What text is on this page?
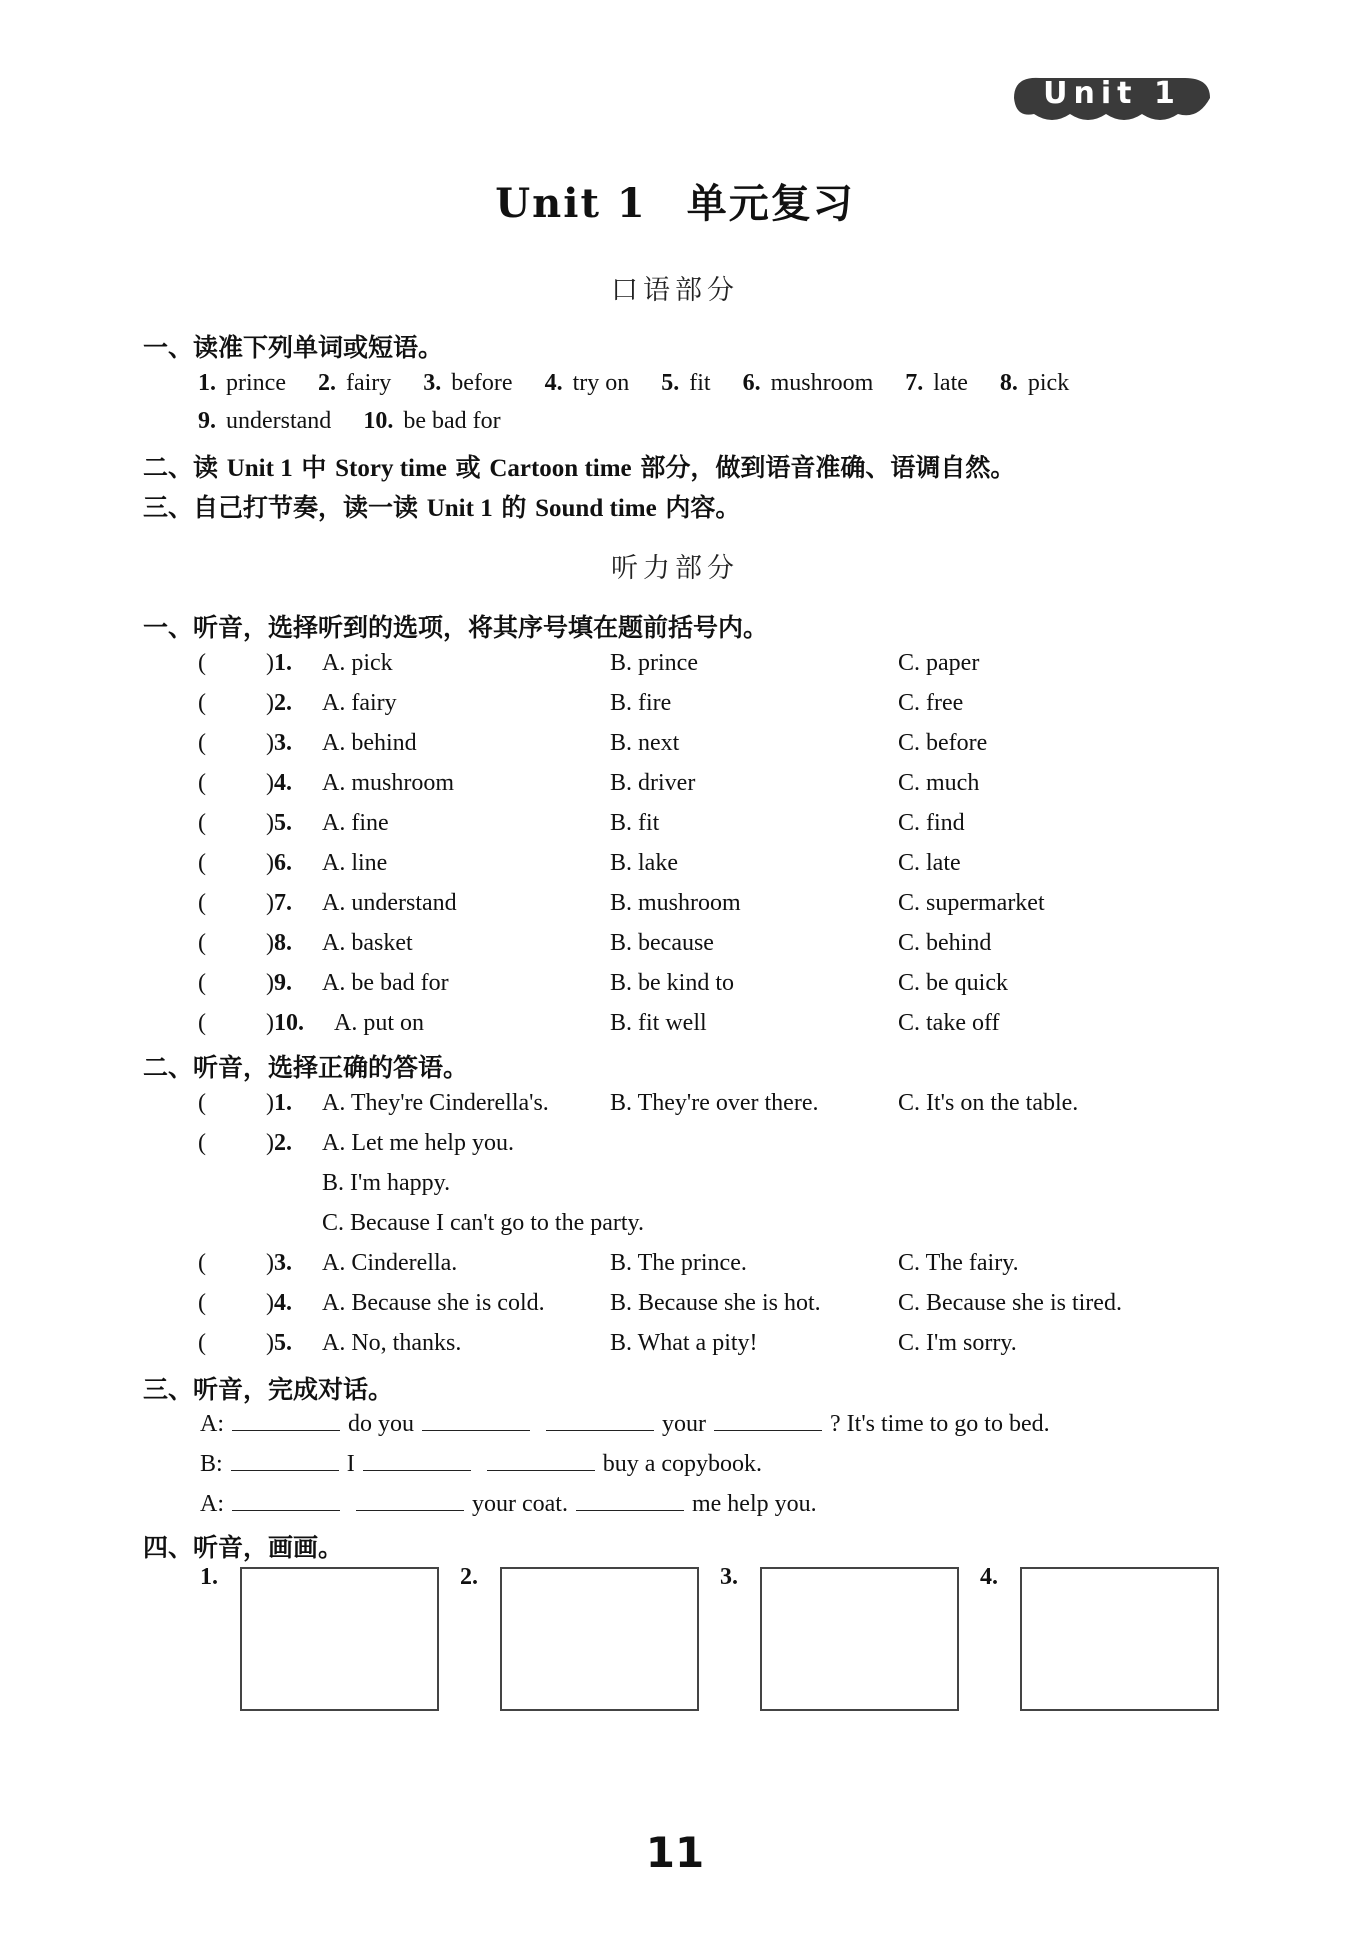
Unit 1
Unit 1 单元复习
口语部分
一、读准下列单词或短语。
1. prince 2. fairy 3. before 4. try on 5. fit 6. mushroom 7. late 8. pick
9. understand 10. be bad for
二、读 Unit 1 中 Story time 或 Cartoon time 部分，做到语音准确、语调自然。
三、自己打节奏，读一读 Unit 1 的 Sound time 内容。
听力部分
一、听音，选择听到的选项，将其序号填在题前括号内。
(	)1. A. pick	B. prince	C. paper
(	)2. A. fairy	B. fire	C. free
(	)3. A. behind	B. next	C. before
(	)4. A. mushroom	B. driver	C. much
(	)5. A. fine	B. fit	C. find
(	)6. A. line	B. lake	C. late
(	)7. A. understand	B. mushroom	C. supermarket
(	)8. A. basket	B. because	C. behind
(	)9. A. be bad for	B. be kind to	C. be quick
(	)10. A. put on	B. fit well	C. take off
二、听音，选择正确的答语。
(	)1. A. They're Cinderella's.	B. They're over there.	C. It's on the table.
(	)2. A. Let me help you.
B. I'm happy.
C. Because I can't go to the party.
(	)3. A. Cinderella.	B. The prince.	C. The fairy.
(	)4. A. Because she is cold.	B. Because she is hot.	C. Because she is tired.
(	)5. A. No, thanks.	B. What a pity!	C. I'm sorry.
三、听音，完成对话。
A:	do you	your	? It's time to go to bed.
B:	I	buy a copybook.
A:	your coat.	me help you.
四、听音，画画。
1.	2.	3.	4.
11
